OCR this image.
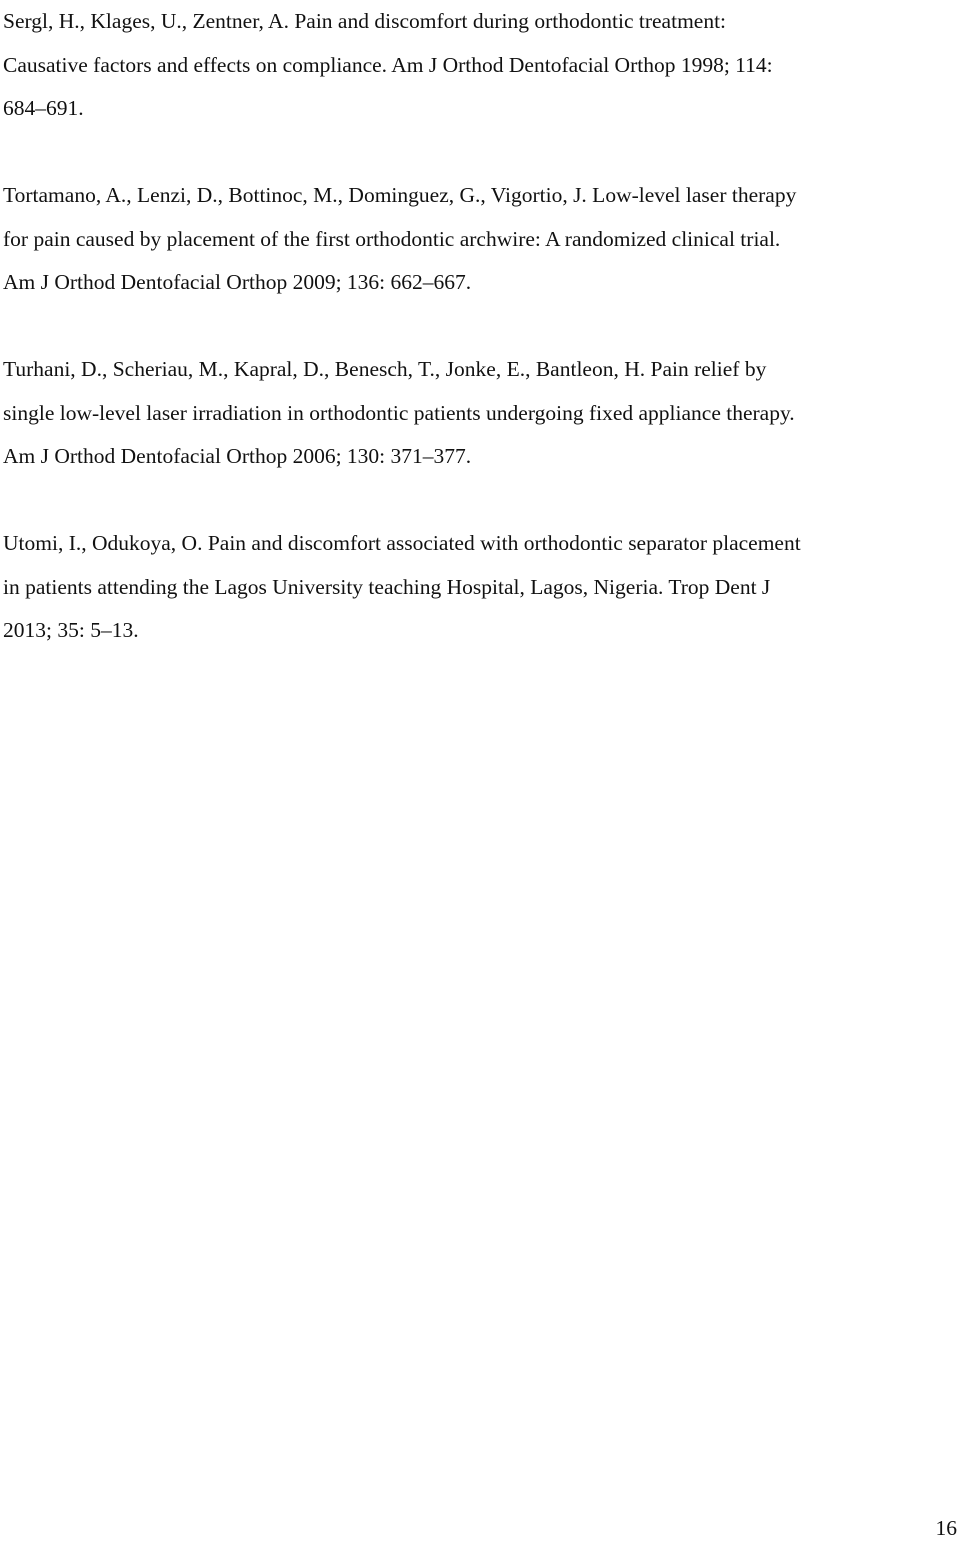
Sergl, H., Klages, U., Zentner, A. Pain and discomfort during orthodontic treatment:
Causative factors and effects on compliance. Am J Orthod Dentofacial Orthop 1998; 114:
684–691.

Tortamano, A., Lenzi, D., Bottinoc, M., Dominguez, G., Vigortio, J. Low-level laser therapy
for pain caused by placement of the first orthodontic archwire: A randomized clinical trial.
Am J Orthod Dentofacial Orthop 2009; 136: 662–667.

Turhani, D., Scheriau, M., Kapral, D., Benesch, T., Jonke, E., Bantleon, H. Pain relief by
single low-level laser irradiation in orthodontic patients undergoing fixed appliance therapy.
Am J Orthod Dentofacial Orthop 2006; 130: 371–377.

Utomi, I., Odukoya, O. Pain and discomfort associated with orthodontic separator placement
in patients attending the Lagos University teaching Hospital, Lagos, Nigeria. Trop Dent J
2013; 35: 5–13.

16
